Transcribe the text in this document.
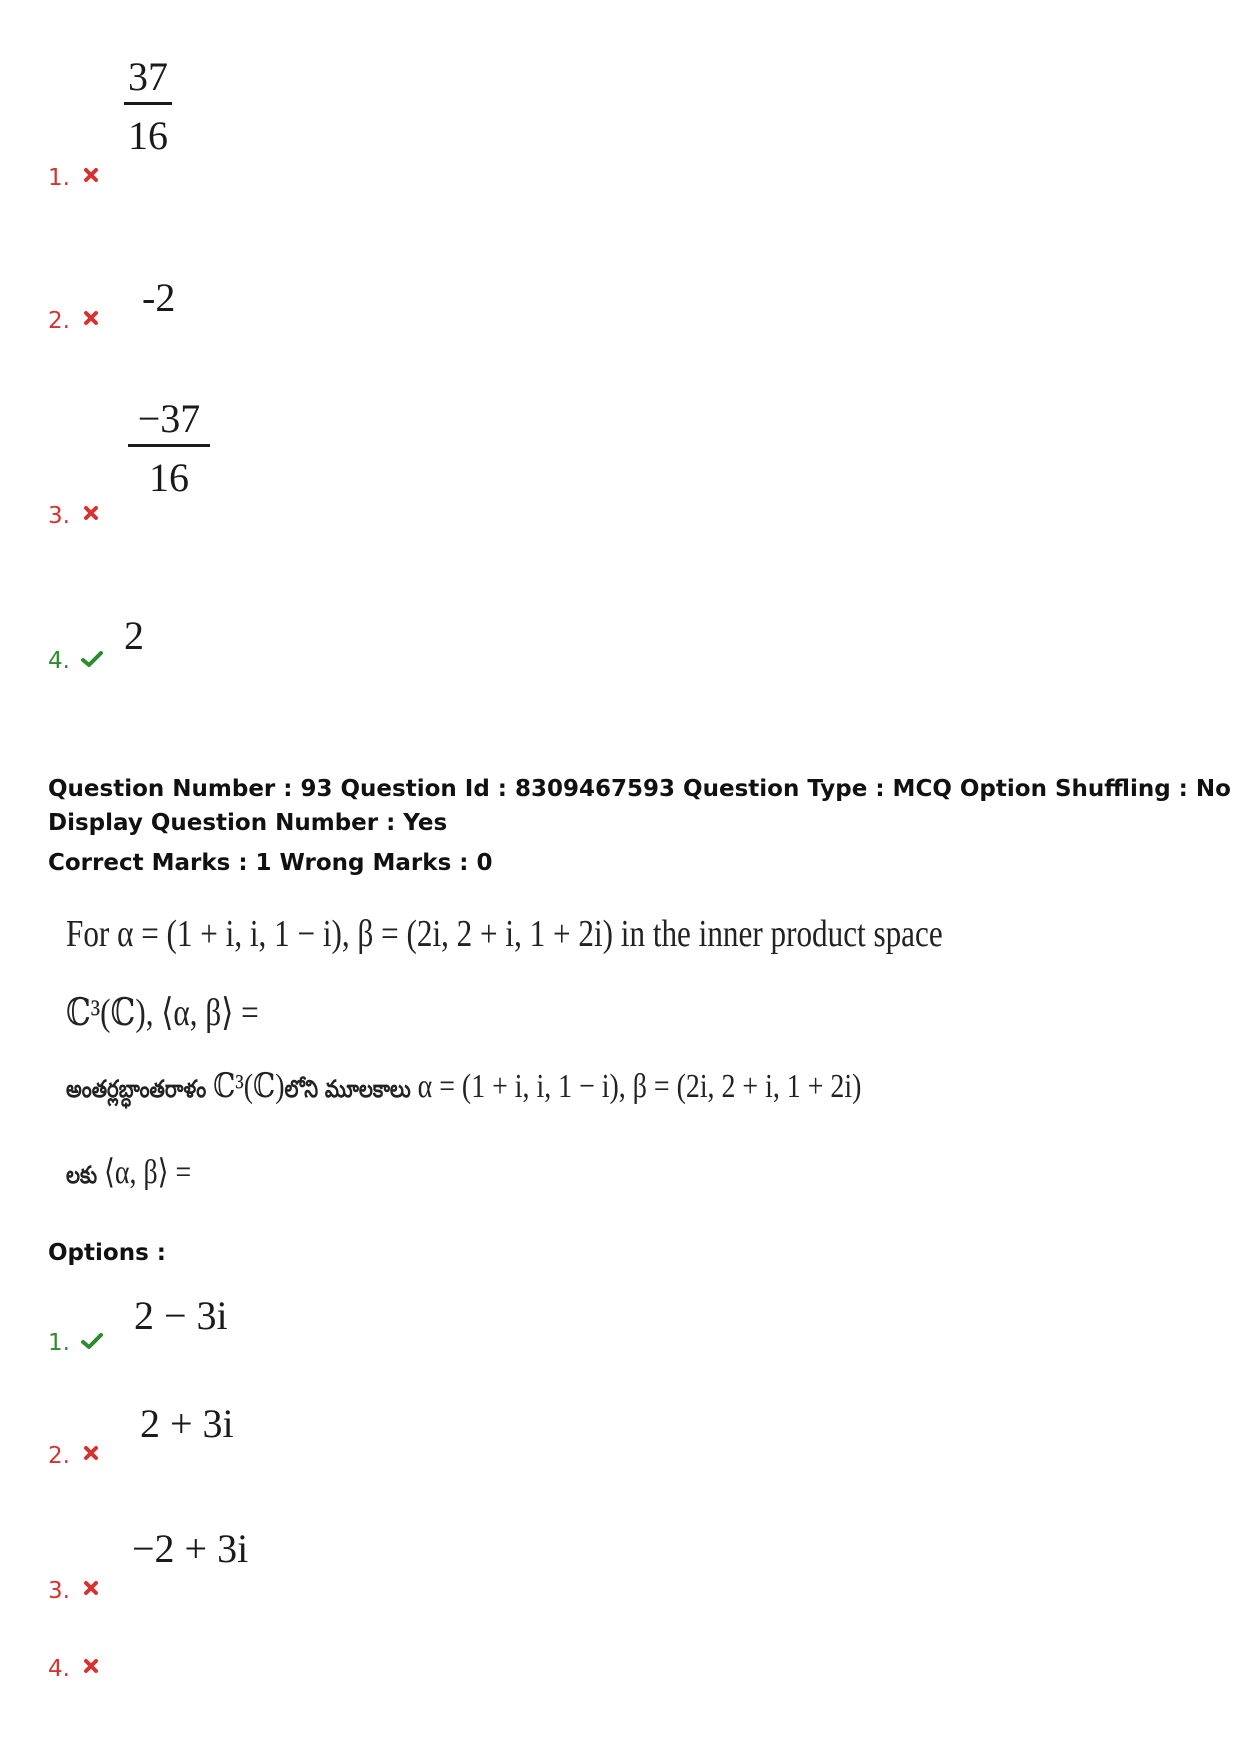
$\frac{37}{16}$
1.
-2
2.
$\frac{-37}{16}$
3.
2
4.
Question Number : 93 Question Id : 8309467593 Question Type : MCQ Option Shuffling : No
Display Question Number : Yes
Correct Marks : 1 Wrong Marks : 0
For α = (1 + i, i, 1 − i), β = (2i, 2 + i, 1 + 2i) in the inner product space
ℂ³(ℂ), ⟨α, β⟩ =
అంతర్లబ్ధాంతరాళం ℂ³(ℂ)లోని మూలకాలు α = (1 + i, i, 1 − i), β = (2i, 2 + i, 1 + 2i)
లకు ⟨α, β⟩ =
Options :
2 − 3i
1.
2 + 3i
2.
−2 + 3i
3.
4.
